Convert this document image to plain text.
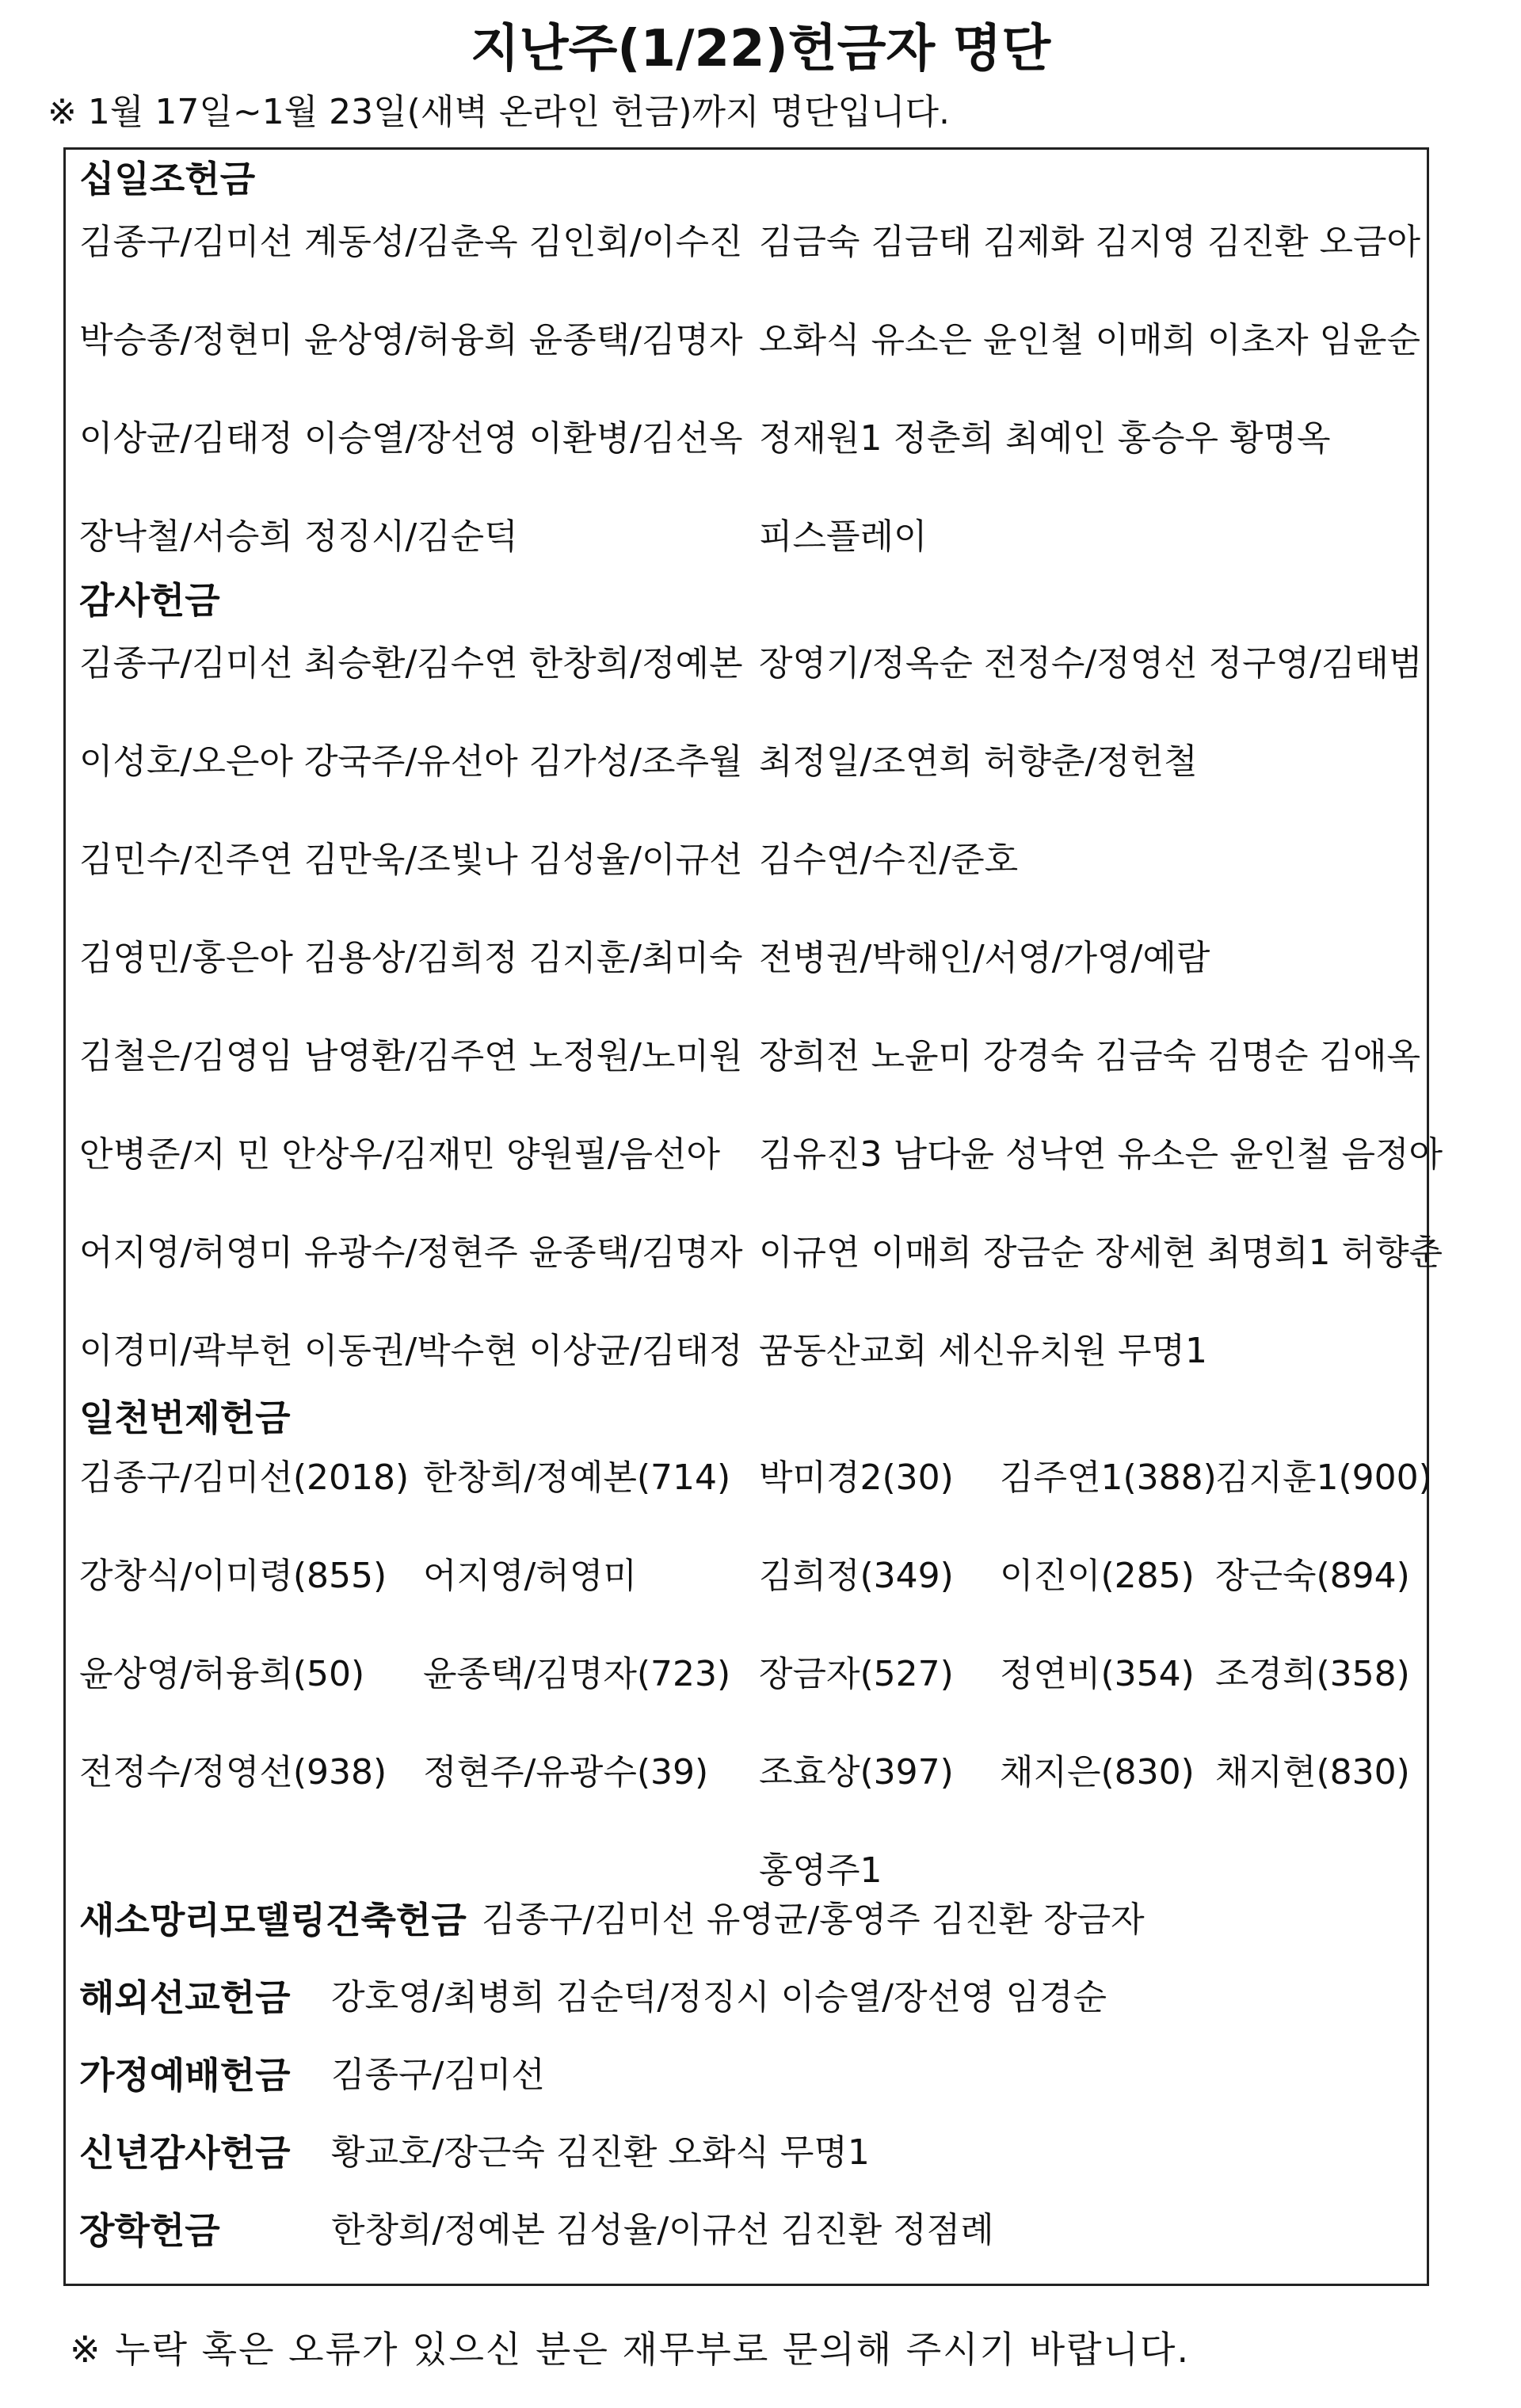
지난주(1/22)헌금자 명단
※ 1월 17일~1월 23일(새벽 온라인 헌금)까지 명단입니다.
십일조헌금
김종구/김미선 계동성/김춘옥 김인회/이수진
박승종/정현미 윤상영/허융희 윤종택/김명자
이상균/김태정 이승열/장선영 이환병/김선옥
장낙철/서승희 정징시/김순덕
김금숙 김금태 김제화 김지영 김진환 오금아
오화식 유소은 윤인철 이매희 이초자 임윤순
정재원1 정춘희 최예인 홍승우 황명옥
피스플레이
감사헌금
김종구/김미선 최승환/김수연 한창희/정예본
이성호/오은아 강국주/유선아 김가성/조추월
김민수/진주연 김만욱/조빛나 김성율/이규선
김영민/홍은아 김용상/김희정 김지훈/최미숙
김철은/김영임 남영환/김주연 노정원/노미원
안병준/지 민 안상우/김재민 양원필/음선아
어지영/허영미 유광수/정현주 윤종택/김명자
이경미/곽부헌 이동권/박수현 이상균/김태정
장영기/정옥순 전정수/정영선 정구영/김태범
최정일/조연희 허향춘/정헌철
김수연/수진/준호
전병권/박해인/서영/가영/예람
장희전 노윤미 강경숙 김금숙 김명순 김애옥
김유진3 남다윤 성낙연 유소은 윤인철 음정아
이규연 이매희 장금순 장세현 최명희1 허향춘
꿈동산교회 세신유치원 무명1
일천번제헌금
김종구/김미선(2018) 한창희/정예본(714) 박미경2(30) 김주연1(388)
김지훈1(900)
강창식/이미령(855) 어지영/허영미	김희정(349) 이진이(285) 장근숙(894)
윤상영/허융희(50) 윤종택/김명자(723) 장금자(527) 정연비(354) 조경희(358)
전정수/정영선(938) 정현주/유광수(39) 조효상(397) 채지은(830) 채지현(830)
홍영주1
새소망리모델링건축헌금 김종구/김미선 유영균/홍영주 김진환 장금자
해외선교헌금 강호영/최병희 김순덕/정징시 이승열/장선영 임경순
가정예배헌금 김종구/김미선
신년감사헌금 황교호/장근숙 김진환 오화식 무명1
장학헌금	한창희/정예본 김성율/이규선 김진환 정점례
※ 누락 혹은 오류가 있으신 분은 재무부로 문의해 주시기 바랍니다.
